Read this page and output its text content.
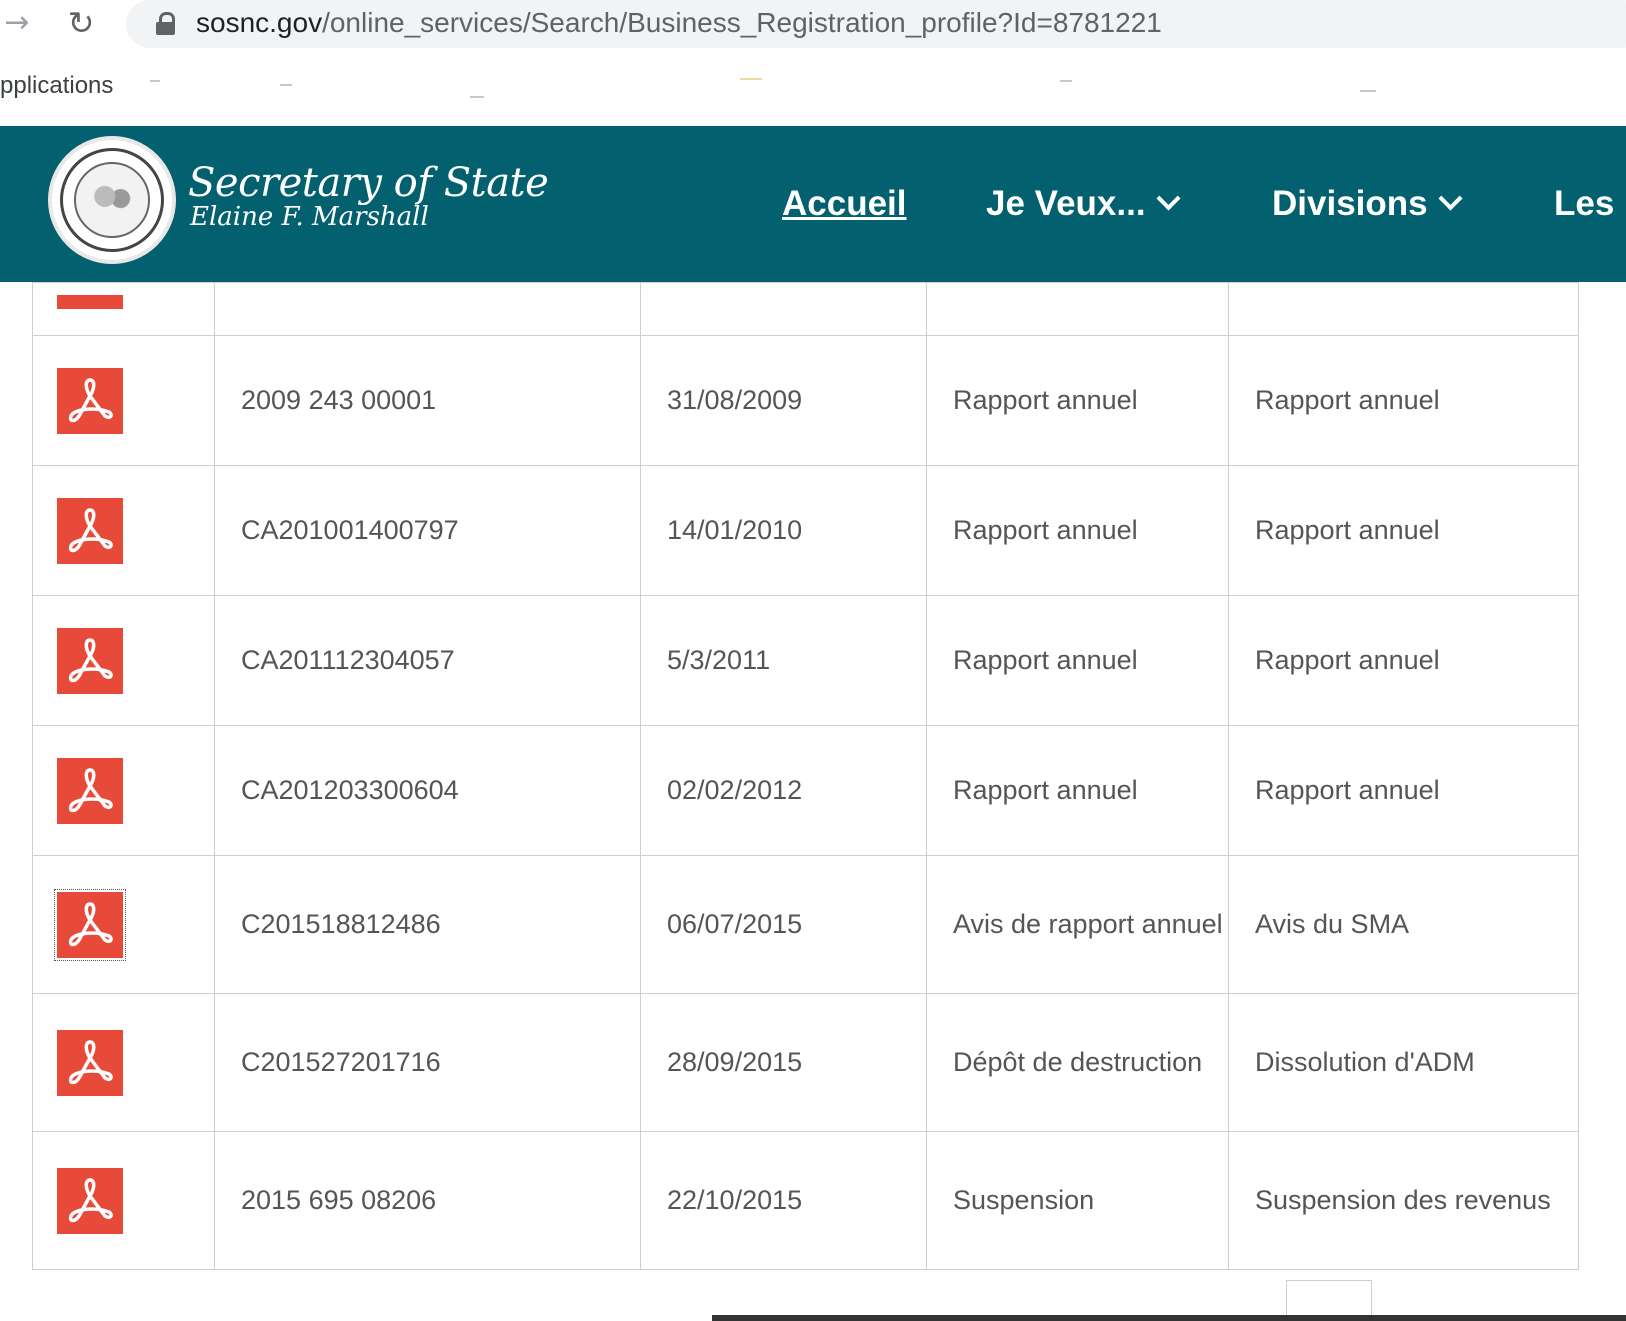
→ ↻	sosnc.gov/online_services/Search/Business_Registration_profile?Id=8781221
pplications
Secretary of State
Elaine F. Marshall	Accueil Je Veux...	Divisions	Les

	2009 243 00001	31/08/2009	Rapport annuel	Rapport annuel

	CA201001400797	14/01/2010	Rapport annuel	Rapport annuel

	CA201112304057	5/3/2011	Rapport annuel	Rapport annuel

	CA201203300604	02/02/2012	Rapport annuel	Rapport annuel

	C201518812486	06/07/2015	Avis de rapport annuel	Avis du SMA

	C201527201716	28/09/2015	Dépôt de destruction	Dissolution d'ADM

	2015 695 08206	22/10/2015	Suspension	Suspension des revenus
